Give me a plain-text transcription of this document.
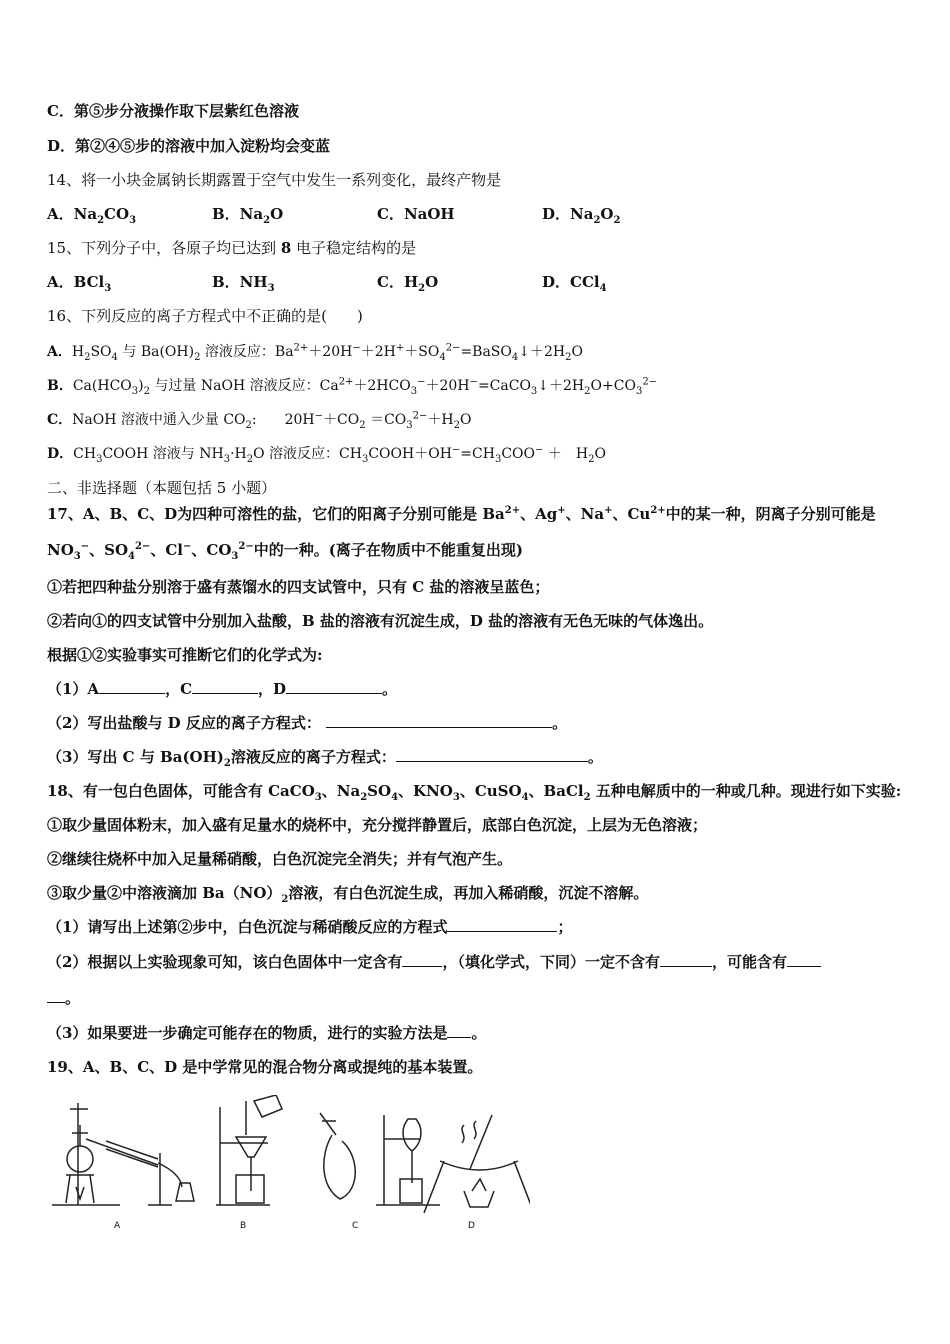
C．第⑤步分液操作取下层紫红色溶液
D．第②④⑤步的溶液中加入淀粉均会变蓝
14、将一小块金属钠长期露置于空气中发生一系列变化，最终产物是
A．$Na_2CO_3$	B．$Na_2O$	C．NaOH	D．$Na_2O_2$
15、下列分子中，各原子均已达到 8 电子稳定结构的是
A．BCl$_3$	B．$NH_3$	C．$H_2O$	D．CCl$_4$
16、下列反应的离子方程式中不正确的是(　　)
A．$H_2SO_4$ 与 $Ba(OH)_2$ 溶液反应：$Ba^{2+}+20H^-+2H^++SO_4^{2-}=BaSO_4↓+2H_2O$
B．$Ca(HCO_3)_2$ 与过量 NaOH 溶液反应：$Ca^{2+}+2HCO_3^-+20H^-=CaCO_3↓+2H_2O+CO_3^{2-}$
C．NaOH 溶液中通入少量 $CO_2$:　　$20H^-+CO_2 =CO_3^{2-}+H_2O$
D．$CH_3COOH$ 溶液与 $NH_3\cdot H_2O$ 溶液反应：$CH_3COOH+OH^-=CH_3COO^-$ ＋　$H_2O$
二、非选择题（本题包括 5 小题）
17、A、B、C、D为四种可溶性的盐，它们的阳离子分别可能是 $Ba^{2+}$、Ag+、Na+、$Cu^{2+}$中的某一种，阴离子分别可能是
$NO_3^-$、$SO_4^{2-}$、Cl−、$CO_3^{2-}$中的一种。(离子在物质中不能重复出现)
①若把四种盐分别溶于盛有蒸馏水的四支试管中，只有 C 盐的溶液呈蓝色；
②若向①的四支试管中分别加入盐酸，B 盐的溶液有沉淀生成，D 盐的溶液有无色无味的气体逸出。
根据①②实验事实可推断它们的化学式为:
（1）A	，C	，D	。
（2）写出盐酸与 D 反应的离子方程式：	。
（3）写出 C 与 $Ba(OH)_2$溶液反应的离子方程式：	。
18、有一包白色固体，可能含有 CaCO$_3$、$Na_2SO_4$、$KNO_3$、CuSO$_4$、BaCl$_2$ 五种电解质中的一种或几种。现进行如下实验:
①取少量固体粉末，加入盛有足量水的烧杯中，充分搅拌静置后，底部白色沉淀，上层为无色溶液；
②继续往烧杯中加入足量稀硝酸，白色沉淀完全消失；并有气泡产生。
③取少量②中溶液滴加 $Ba(NO)_2$溶液，有白色沉淀生成，再加入稀硝酸，沉淀不溶解。
（1）请写出上述第②步中，白色沉淀与稀硝酸反应的方程式	；
（2）根据以上实验现象可知，该白色固体中一定含有	，（填化学式，下同）一定不含有	，可能含有
。
（3）如果要进一步确定可能存在的物质，进行的实验方法是 。
19、A、B、C、D 是中学常见的混合物分离或提纯的基本装置。
A	B	C	D
